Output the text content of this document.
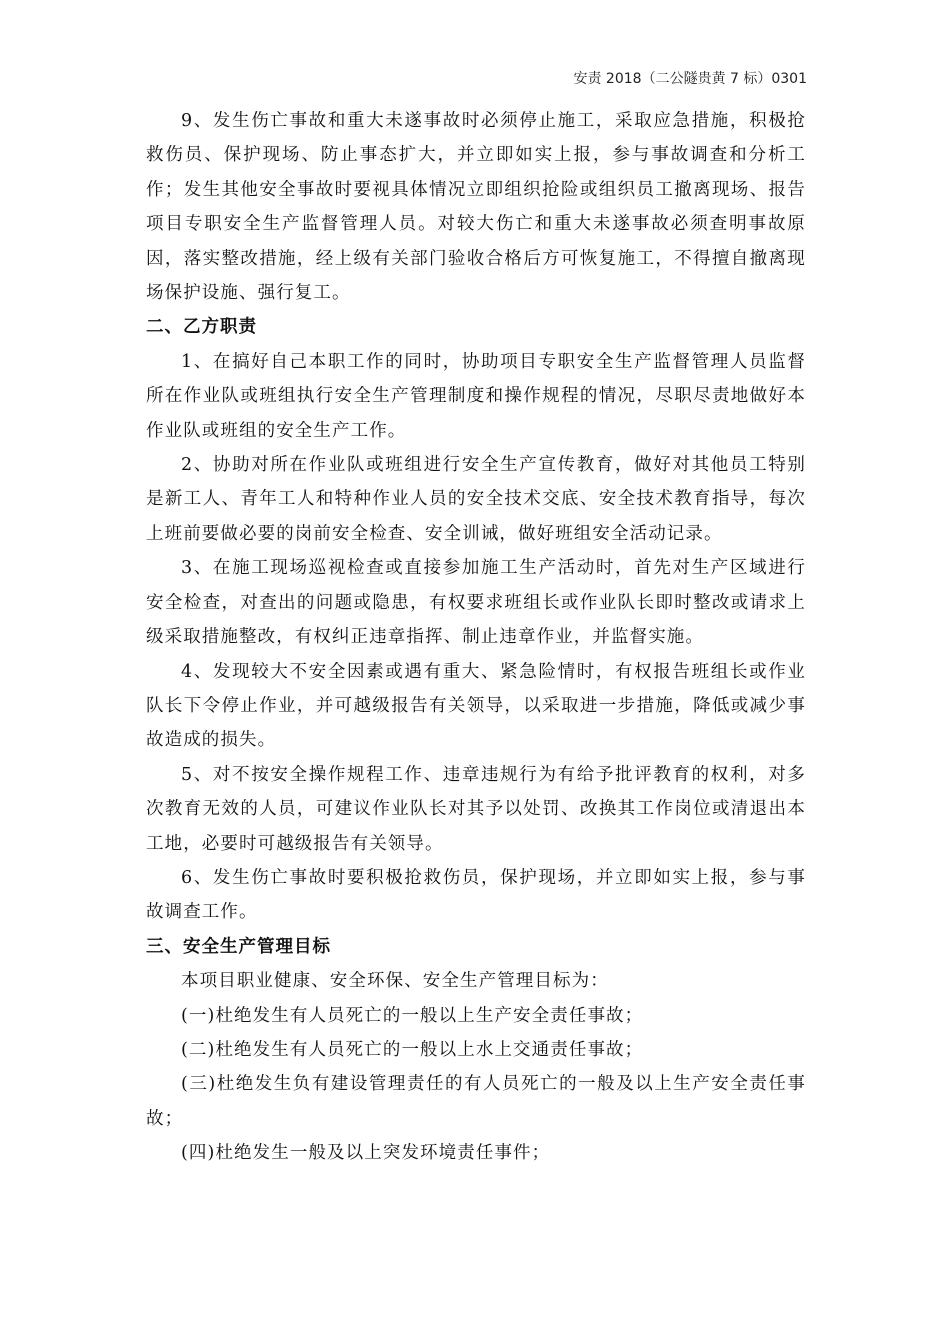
安责 2018（二公隧贵黄 7 标）0301

9、发生伤亡事故和重大未遂事故时必须停止施工，采取应急措施，积极抢救伤员、保护现场、防止事态扩大，并立即如实上报，参与事故调查和分析工作；发生其他安全事故时要视具体情况立即组织抢险或组织员工撤离现场、报告项目专职安全生产监督管理人员。对较大伤亡和重大未遂事故必须查明事故原因，落实整改措施，经上级有关部门验收合格后方可恢复施工，不得擅自撤离现场保护设施、强行复工。

二、乙方职责

1、在搞好自己本职工作的同时，协助项目专职安全生产监督管理人员监督所在作业队或班组执行安全生产管理制度和操作规程的情况，尽职尽责地做好本作业队或班组的安全生产工作。

2、协助对所在作业队或班组进行安全生产宣传教育，做好对其他员工特别是新工人、青年工人和特种作业人员的安全技术交底、安全技术教育指导，每次上班前要做必要的岗前安全检查、安全训诫，做好班组安全活动记录。

3、在施工现场巡视检查或直接参加施工生产活动时，首先对生产区域进行安全检查，对查出的问题或隐患，有权要求班组长或作业队长即时整改或请求上级采取措施整改，有权纠正违章指挥、制止违章作业，并监督实施。

4、发现较大不安全因素或遇有重大、紧急险情时，有权报告班组长或作业队长下令停止作业，并可越级报告有关领导，以采取进一步措施，降低或减少事故造成的损失。

5、对不按安全操作规程工作、违章违规行为有给予批评教育的权利，对多次教育无效的人员，可建议作业队长对其予以处罚、改换其工作岗位或清退出本工地，必要时可越级报告有关领导。

6、发生伤亡事故时要积极抢救伤员，保护现场，并立即如实上报，参与事故调查工作。

三、安全生产管理目标

本项目职业健康、安全环保、安全生产管理目标为：

(一)杜绝发生有人员死亡的一般以上生产安全责任事故；

(二)杜绝发生有人员死亡的一般以上水上交通责任事故；

(三)杜绝发生负有建设管理责任的有人员死亡的一般及以上生产安全责任事故；

(四)杜绝发生一般及以上突发环境责任事件；
